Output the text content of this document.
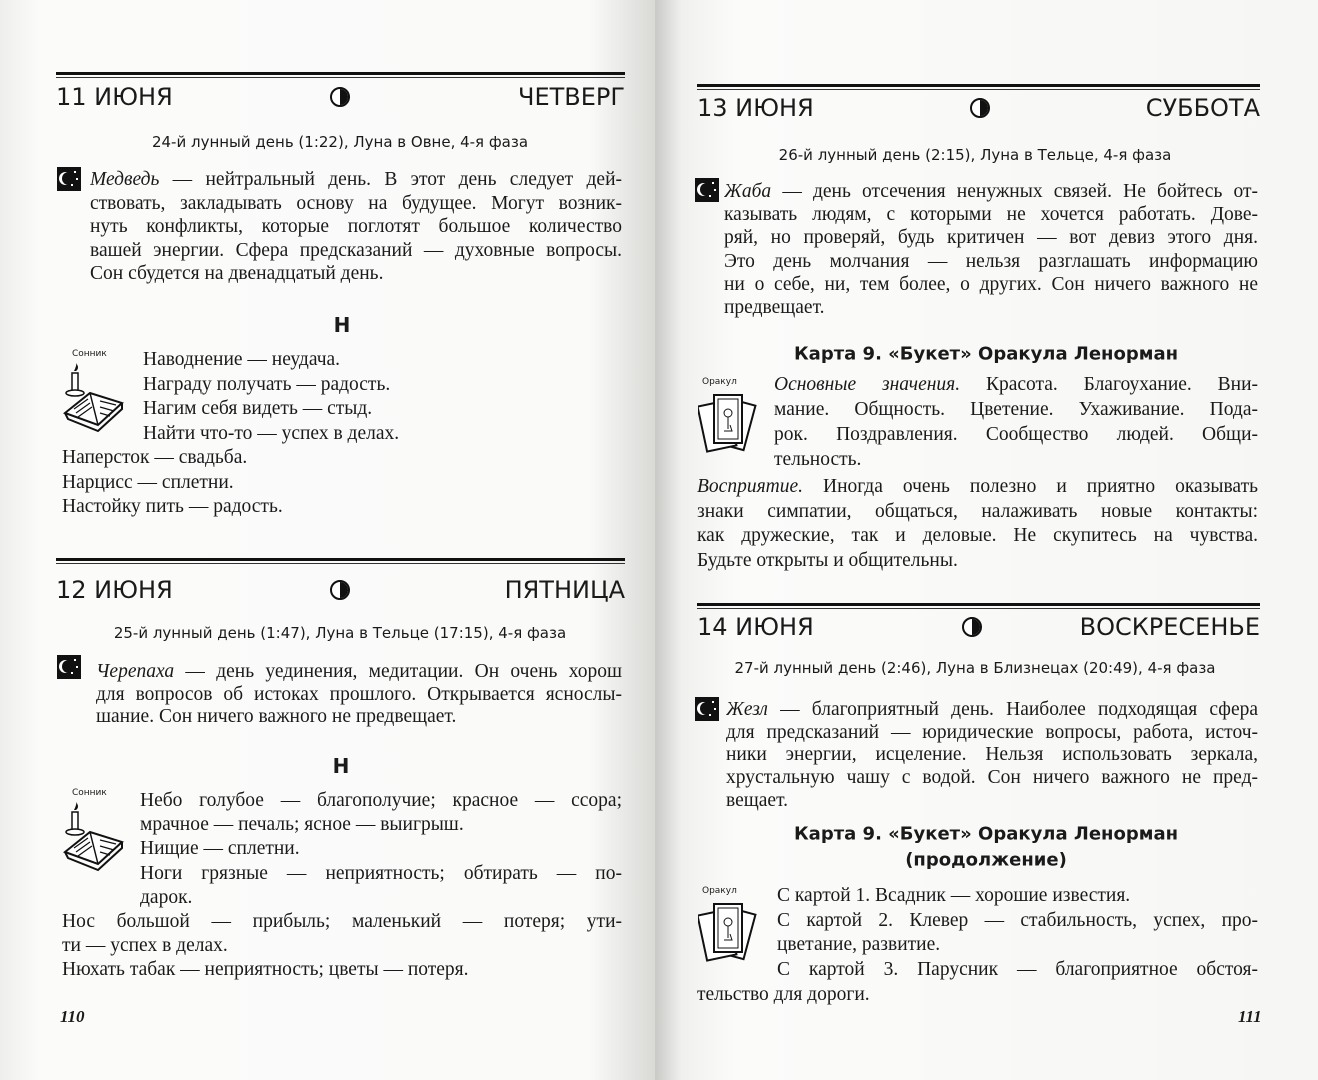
11 ИЮНЯ	ЧЕТВЕРГ
24-й лунный день (1:22), Луна в Овне, 4-я фаза
Медведь — нейтральный день. В этот день следует дей-
ствовать, закладывать основу на будущее. Могут возник-
нуть конфликты, которые поглотят большое количество
вашей энергии. Сфера предсказаний — духовные вопросы.
Сон сбудется на двенадцатый день.
Н
Сонник Наводнение — неудача.
Награду получать — радость.
Нагим себя видеть — стыд.
Найти что-то — успех в делах.
Наперсток — свадьба.
Нарцисс — сплетни.
Настойку пить — радость.
12 ИЮНЯ	ПЯТНИЦА
25-й лунный день (1:47), Луна в Тельце (17:15), 4-я фаза
Черепаха — день уединения, медитации. Он очень хорош
для вопросов об истоках прошлого. Открывается яснослы-
шание. Сон ничего важного не предвещает.
Н
Сонник Небо голубое — благополучие; красное — ссора;
мрачное — печаль; ясное — выигрыш.
Нищие — сплетни.
Ноги грязные — неприятность; обтирать — по-
дарок.
Нос большой — прибыль; маленький — потеря; ути-
ти — успех в делах.
Нюхать табак — неприятность; цветы — потеря.
110
13 ИЮНЯ	СУББОТА
26-й лунный день (2:15), Луна в Тельце, 4-я фаза
Жаба — день отсечения ненужных связей. Не бойтесь от-
казывать людям, с которыми не хочется работать. Дове-
ряй, но проверяй, будь критичен — вот девиз этого дня.
Это день молчания — нельзя разглашать информацию
ни о себе, ни, тем более, о других. Сон ничего важного не
предвещает.
Карта 9. «Букет» Оракула Ленорман
Оракул Основные значения. Красота. Благоухание. Вни-
мание. Общность. Цветение. Ухаживание. Пода-
рок. Поздравления. Сообщество людей. Общи-
тельность.
Восприятие. Иногда очень полезно и приятно оказывать
знаки симпатии, общаться, налаживать новые контакты:
как дружеские, так и деловые. Не скупитесь на чувства.
Будьте открыты и общительны.
14 ИЮНЯ	ВОСКРЕСЕНЬЕ
27-й лунный день (2:46), Луна в Близнецах (20:49), 4-я фаза
Жезл — благоприятный день. Наиболее подходящая сфера
для предсказаний — юридические вопросы, работа, источ-
ники энергии, исцеление. Нельзя использовать зеркала,
хрустальную чашу с водой. Сон ничего важного не пред-
вещает.
Карта 9. «Букет» Оракула Ленорман
(продолжение)
Оракул С картой 1. Всадник — хорошие известия.
С картой 2. Клевер — стабильность, успех, про-
цветание, развитие.
С картой 3. Парусник — благоприятное обстоя-
тельство для дороги.
111
